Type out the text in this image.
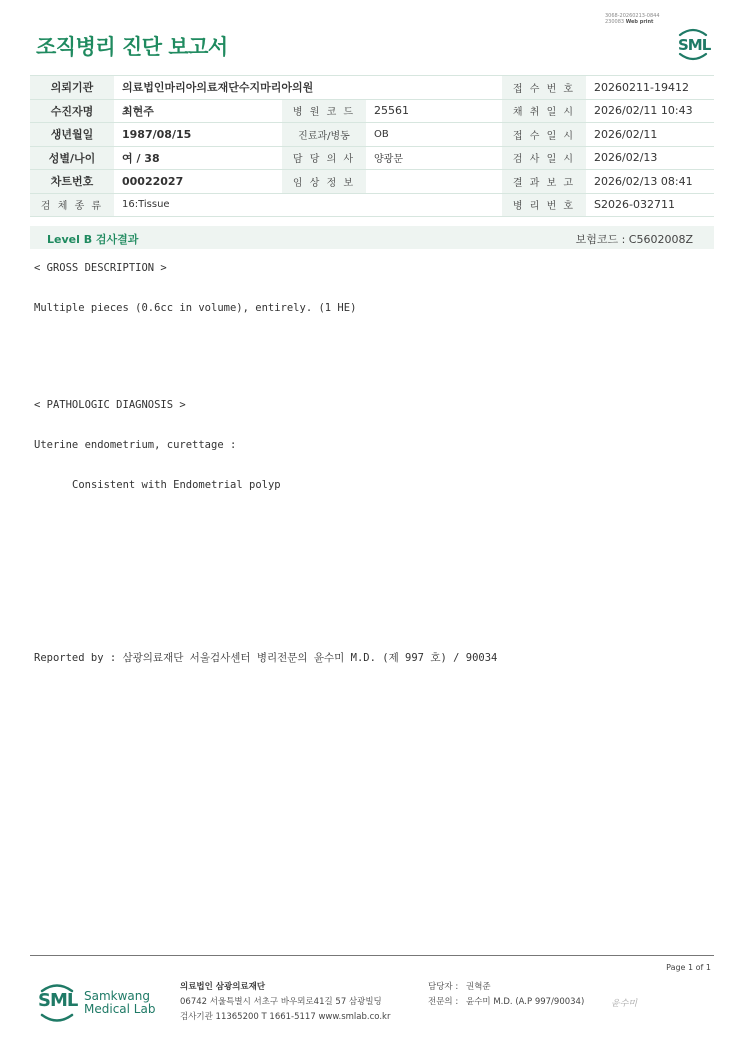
3068-20260213-0844
230083 Web print
조직병리 진단 보고서	SML
의뢰기관	의료법인마리아의료재단수지마리아의원			접 수 번 호	20260211-19412
수진자명	최현주	병 원 코 드	25561	채 취 일 시	2026/02/11 10:43
생년월일	1987/08/15	진료과/병동	OB	접 수 일 시	2026/02/11
성별/나이	여 / 38	담 당 의 사	양광문	검 사 일 시	2026/02/13
차트번호	00022027	임 상 정 보		결 과 보 고	2026/02/13 08:41
검 체 종 류	16:Tissue			병 리 번 호	S2026-032711
Level B 검사결과	보험코드 : C5602008Z
< GROSS DESCRIPTION >
Multiple pieces (0.6cc in volume), entirely. (1 HE)
< PATHOLOGIC DIAGNOSIS >
Uterine endometrium, curettage :
Consistent with Endometrial polyp
Reported by : 삼광의료재단 서울검사센터 병리전문의 윤수미 M.D. (제 997 호) / 90034
Page 1 of 1
SML Samkwang
Medical Lab
의료법인 삼광의료재단
06742 서울특별시 서초구 바우뫼로41길 57 삼광빌딩
검사기관 11365200 T 1661-5117 www.smlab.co.kr
담당자 : 권혁준
전문의 : 윤수미 M.D. (A.P 997/90034)	윤수미
